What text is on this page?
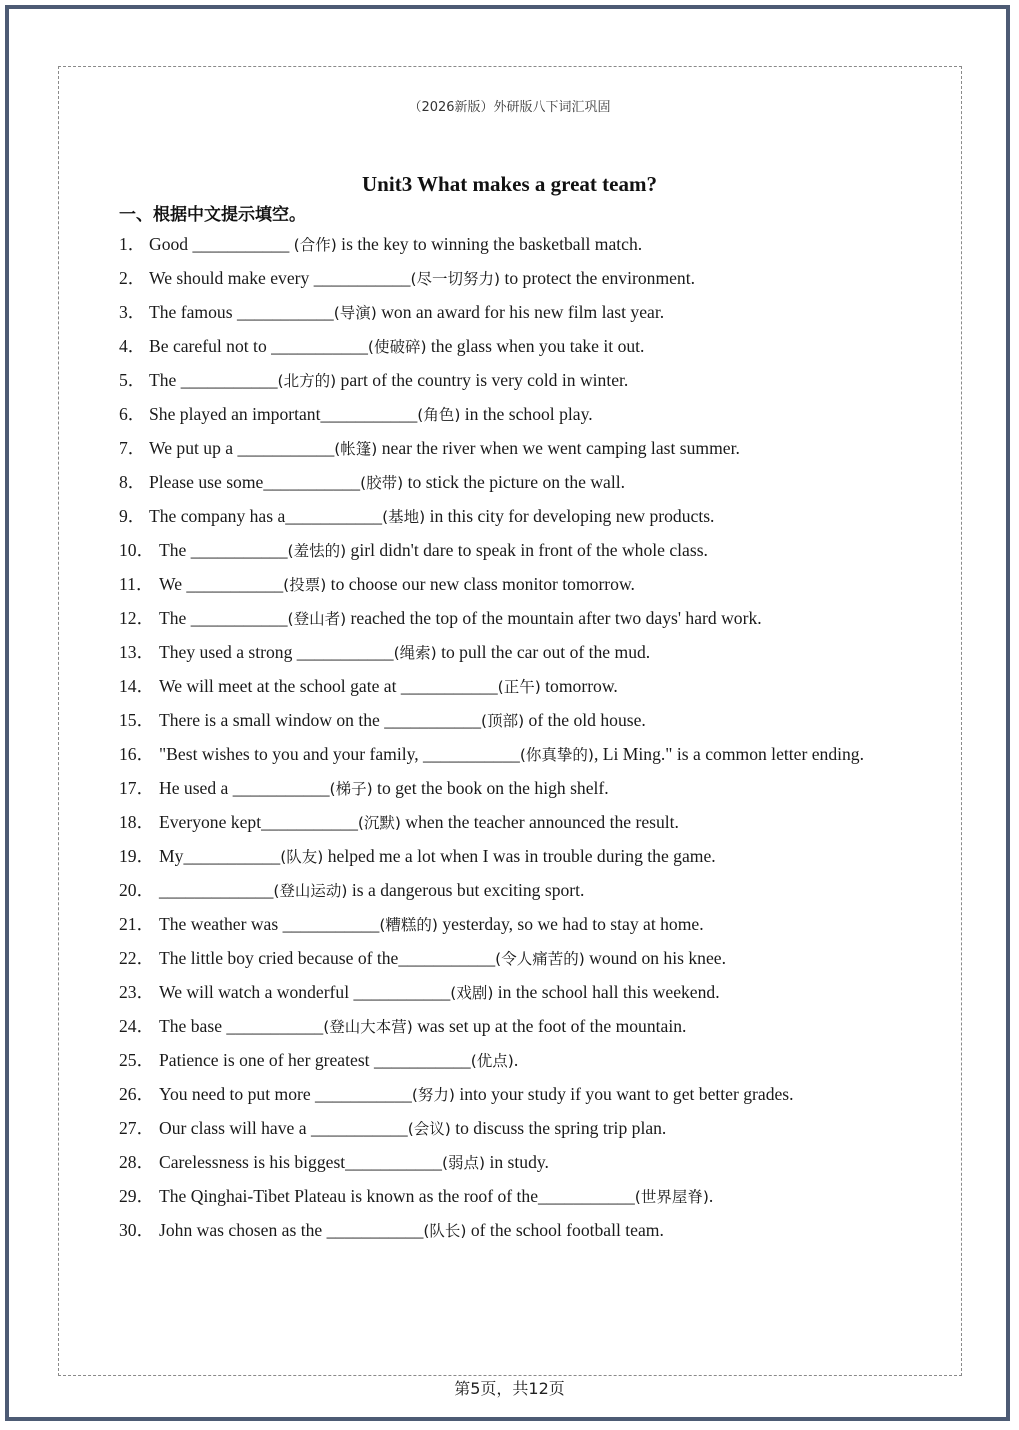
（2026新版）外研版八下词汇巩固
Unit3 What makes a great team?
一、根据中文提示填空。
1． Good ___________ (合作) is the key to winning the basketball match.
2． We should make every ___________(尽一切努力) to protect the environment.
3． The famous ___________(导演) won an award for his new film last year.
4． Be careful not to ___________(使破碎) the glass when you take it out.
5． The ___________(北方的) part of the country is very cold in winter.
6． She played an important___________(角色) in the school play.
7． We put up a ___________(帐篷) near the river when we went camping last summer.
8． Please use some___________(胶带) to stick the picture on the wall.
9． The company has a___________(基地) in this city for developing new products.
10． The ___________(羞怯的) girl didn't dare to speak in front of the whole class.
11． We ___________(投票) to choose our new class monitor tomorrow.
12． The ___________(登山者) reached the top of the mountain after two days' hard work.
13． They used a strong ___________(绳索) to pull the car out of the mud.
14． We will meet at the school gate at ___________(正午) tomorrow.
15． There is a small window on the ___________(顶部) of the old house.
16． "Best wishes to you and your family, ___________(你真挚的), Li Ming." is a common letter ending.
17． He used a ___________(梯子) to get the book on the high shelf.
18． Everyone kept___________(沉默) when the teacher announced the result.
19． My___________(队友) helped me a lot when I was in trouble during the game.
20． _____________(登山运动) is a dangerous but exciting sport.
21． The weather was ___________(糟糕的) yesterday, so we had to stay at home.
22． The little boy cried because of the___________(令人痛苦的) wound on his knee.
23． We will watch a wonderful ___________(戏剧) in the school hall this weekend.
24． The base ___________(登山大本营) was set up at the foot of the mountain.
25． Patience is one of her greatest ___________(优点).
26． You need to put more ___________(努力) into your study if you want to get better grades.
27． Our class will have a ___________(会议) to discuss the spring trip plan.
28． Carelessness is his biggest___________(弱点) in study.
29． The Qinghai-Tibet Plateau is known as the roof of the___________(世界屋脊).
30． John was chosen as the ___________(队长) of the school football team.
第5页，共12页
